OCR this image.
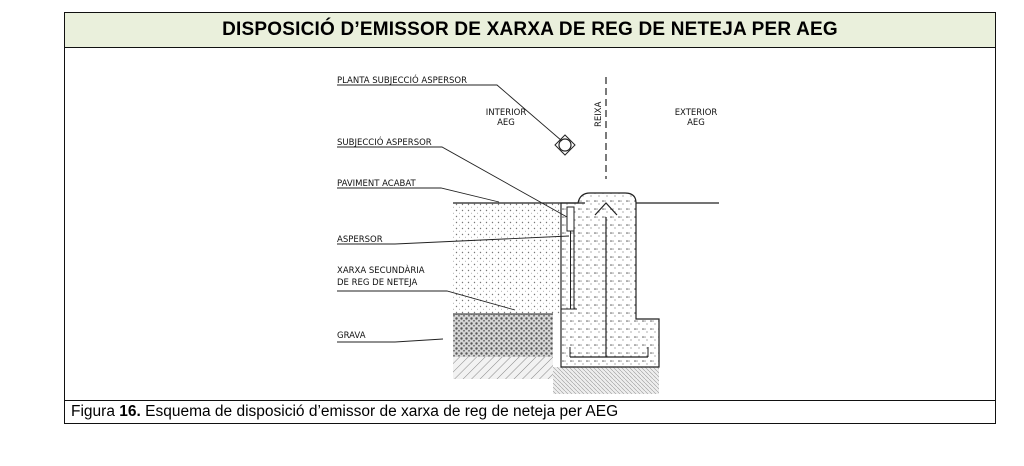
DISPOSICIÓ D’EMISSOR DE XARXA DE REG DE NETEJA PER AEG
PLANTA SUBJECCIÓ ASPERSOR
SUBJECCIÓ ASPERSOR
PAVIMENT ACABAT
ASPERSOR
XARXA SECUNDÀRIA
DE REG DE NETEJA
GRAVA
INTERIOR
AEG
EXTERIOR
AEG
REIXA
Figura 16. Esquema de disposició d’emissor de xarxa de reg de neteja per AEG
